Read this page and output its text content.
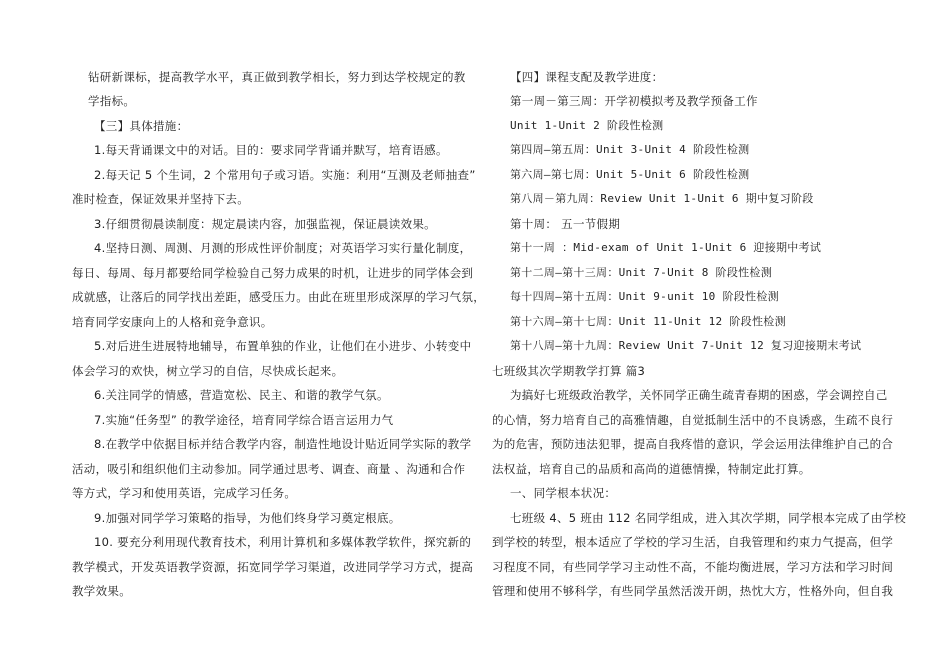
钻研新课标，提高教学水平，真正做到教学相长，努力到达学校规定的教
学指标。
【三】具体措施：
1.每天背诵课文中的对话。目的：要求同学背诵并默写，培育语感。
2.每天记 5 个生词，2 个常用句子或习语。实施：利用“互测及老师抽查”
准时检查，保证效果并坚持下去。
3.仔细贯彻晨读制度：规定晨读内容，加强监视，保证晨读效果。
4.坚持日测、周测、月测的形成性评价制度；对英语学习实行量化制度，
每日、每周、每月都要给同学检验自己努力成果的时机，让进步的同学体会到
成就感，让落后的同学找出差距，感受压力。由此在班里形成深厚的学习气氛，
培育同学安康向上的人格和竞争意识。
5.对后进生进展特地辅导，布置单独的作业，让他们在小进步、小转变中
体会学习的欢快，树立学习的自信，尽快成长起来。
6.关注同学的情感，营造宽松、民主、和谐的教学气氛。
7.实施“任务型” 的教学途径，培育同学综合语言运用力气
8.在教学中依据目标并结合教学内容，制造性地设计贴近同学实际的教学
活动，吸引和组织他们主动参加。同学通过思考、调查、商量 、沟通和合作
等方式，学习和使用英语，完成学习任务。
9.加强对同学学习策略的指导，为他们终身学习奠定根底。
10. 要充分利用现代教育技术，利用计算机和多媒体教学软件，探究新的
教学模式，开发英语教学资源，拓宽同学学习渠道，改进同学学习方式，提高
教学效果。
【四】课程支配及教学进度：
第一周－第三周：开学初模拟考及教学预备工作
Unit 1-Unit 2 阶段性检测
第四周—第五周：Unit 3-Unit 4 阶段性检测
第六周—第七周：Unit 5-Unit 6 阶段性检测
第八周－第九周：Review Unit 1-Unit 6 期中复习阶段
第十周： 五一节假期
第十一周 ：Mid-exam of Unit 1-Unit 6 迎接期中考试
第十二周—第十三周：Unit 7-Unit 8 阶段性检测
每十四周—第十五周：Unit 9-unit 10 阶段性检测
第十六周—第十七周：Unit 11-Unit 12 阶段性检测
第十八周—第十九周：Review Unit 7-Unit 12 复习迎接期末考试
七班级其次学期教学打算 篇3
为搞好七班级政治教学，关怀同学正确生疏青春期的困惑，学会调控自己
的心情，努力培育自己的高雅情趣，自觉抵制生活中的不良诱惑，生疏不良行
为的危害，预防违法犯罪，提高自我疼惜的意识，学会运用法律维护自己的合
法权益，培育自己的品质和高尚的道德情操，特制定此打算。
一、同学根本状况：
七班级 4、5 班由 112 名同学组成，进入其次学期，同学根本完成了由学校
到学校的转型，根本适应了学校的学习生活，自我管理和约束力气提高，但学
习程度不同，有些同学学习主动性不高，不能均衡进展，学习方法和学习时间
管理和使用不够科学，有些同学虽然活泼开朗，热忱大方，性格外向，但自我
